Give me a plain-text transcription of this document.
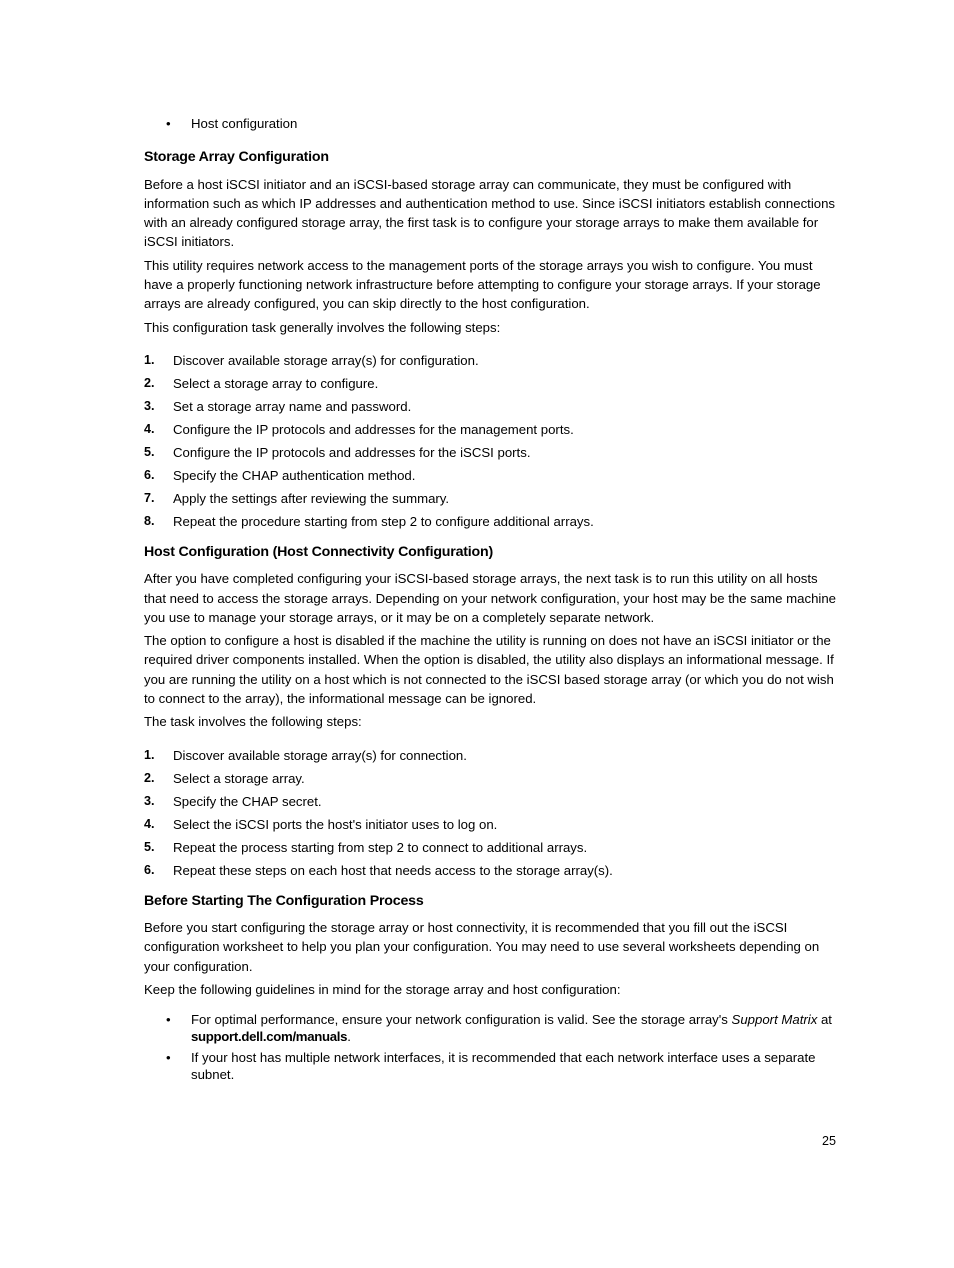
• Host configuration
Storage Array Configuration

Before a host iSCSI initiator and an iSCSI-based storage array can communicate, they must be configured with information such as which IP addresses and authentication method to use. Since iSCSI initiators establish connections with an already configured storage array, the first task is to configure your storage arrays to make them available for iSCSI initiators.

This utility requires network access to the management ports of the storage arrays you wish to configure. You must have a properly functioning network infrastructure before attempting to configure your storage arrays. If your storage arrays are already configured, you can skip directly to the host configuration.

This configuration task generally involves the following steps:

1. Discover available storage array(s) for configuration.
2. Select a storage array to configure.
3. Set a storage array name and password.
4. Configure the IP protocols and addresses for the management ports.
5. Configure the IP protocols and addresses for the iSCSI ports.
6. Specify the CHAP authentication method.
7. Apply the settings after reviewing the summary.
8. Repeat the procedure starting from step 2 to configure additional arrays.
Host Configuration (Host Connectivity Configuration)

After you have completed configuring your iSCSI-based storage arrays, the next task is to run this utility on all hosts that need to access the storage arrays. Depending on your network configuration, your host may be the same machine you use to manage your storage arrays, or it may be on a completely separate network.

The option to configure a host is disabled if the machine the utility is running on does not have an iSCSI initiator or the required driver components installed. When the option is disabled, the utility also displays an informational message. If you are running the utility on a host which is not connected to the iSCSI based storage array (or which you do not wish to connect to the array), the informational message can be ignored.

The task involves the following steps:

1. Discover available storage array(s) for connection.
2. Select a storage array.
3. Specify the CHAP secret.
4. Select the iSCSI ports the host's initiator uses to log on.
5. Repeat the process starting from step 2 to connect to additional arrays.
6. Repeat these steps on each host that needs access to the storage array(s).
Before Starting The Configuration Process

Before you start configuring the storage array or host connectivity, it is recommended that you fill out the iSCSI configuration worksheet to help you plan your configuration. You may need to use several worksheets depending on your configuration.

Keep the following guidelines in mind for the storage array and host configuration:

• For optimal performance, ensure your network configuration is valid. See the storage array's Support Matrix at support.dell.com/manuals.
• If your host has multiple network interfaces, it is recommended that each network interface uses a separate subnet.
25
